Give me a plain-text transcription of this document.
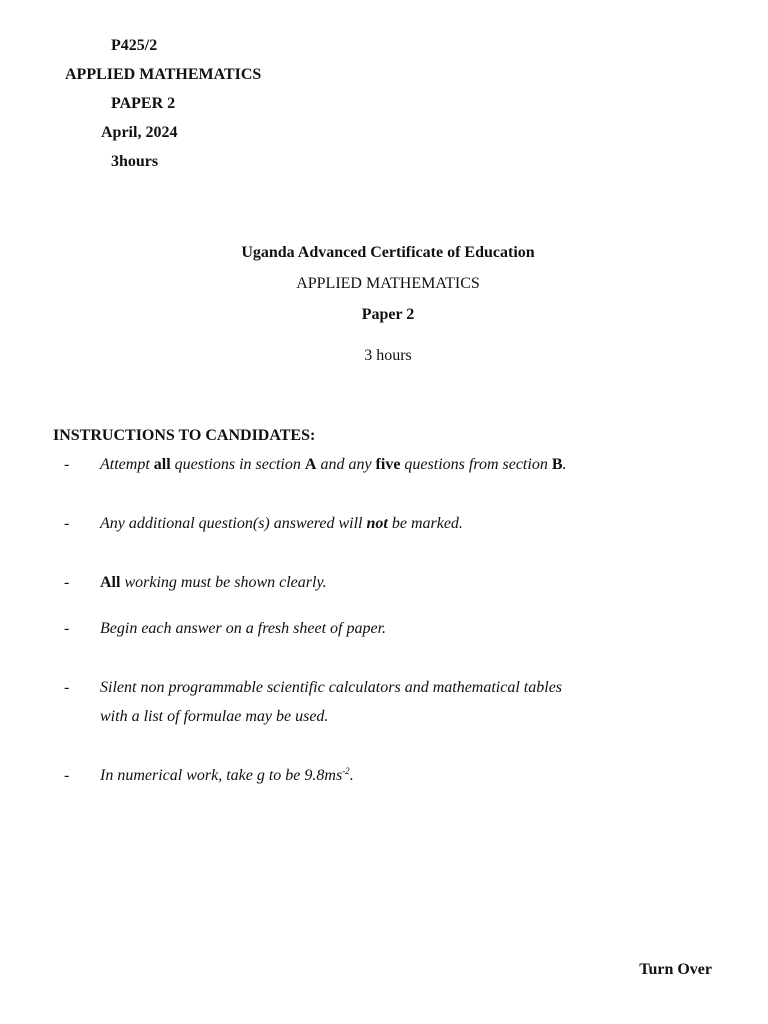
P425/2
APPLIED MATHEMATICS
PAPER 2
April, 2024
3hours
Uganda Advanced Certificate of Education
APPLIED MATHEMATICS
Paper 2
3 hours
INSTRUCTIONS TO CANDIDATES:
- Attempt all questions in section A and any five questions from section B.
- Any additional question(s) answered will not be marked.
- All working must be shown clearly.
- Begin each answer on a fresh sheet of paper.
- Silent non programmable scientific calculators and mathematical tables
with a list of formulae may be used.
- In numerical work, take g to be $9.8ms^{-2}$.
Turn Over
